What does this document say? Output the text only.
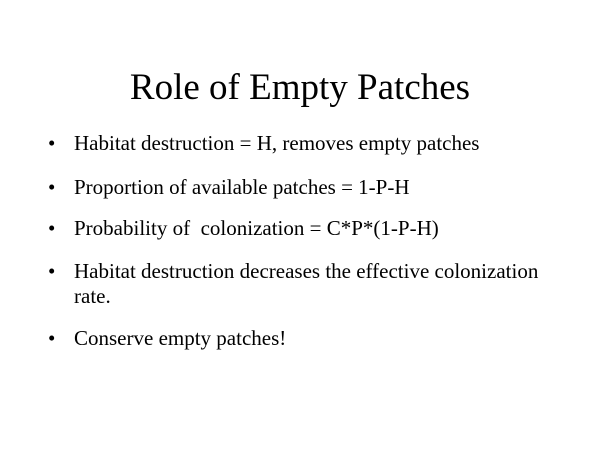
Role of Empty Patches
• Habitat destruction = H, removes empty patches
• Proportion of available patches = 1-P-H
• Probability of  colonization = C*P*(1-P-H)
• Habitat destruction decreases the effective colonization rate.
• Conserve empty patches!
